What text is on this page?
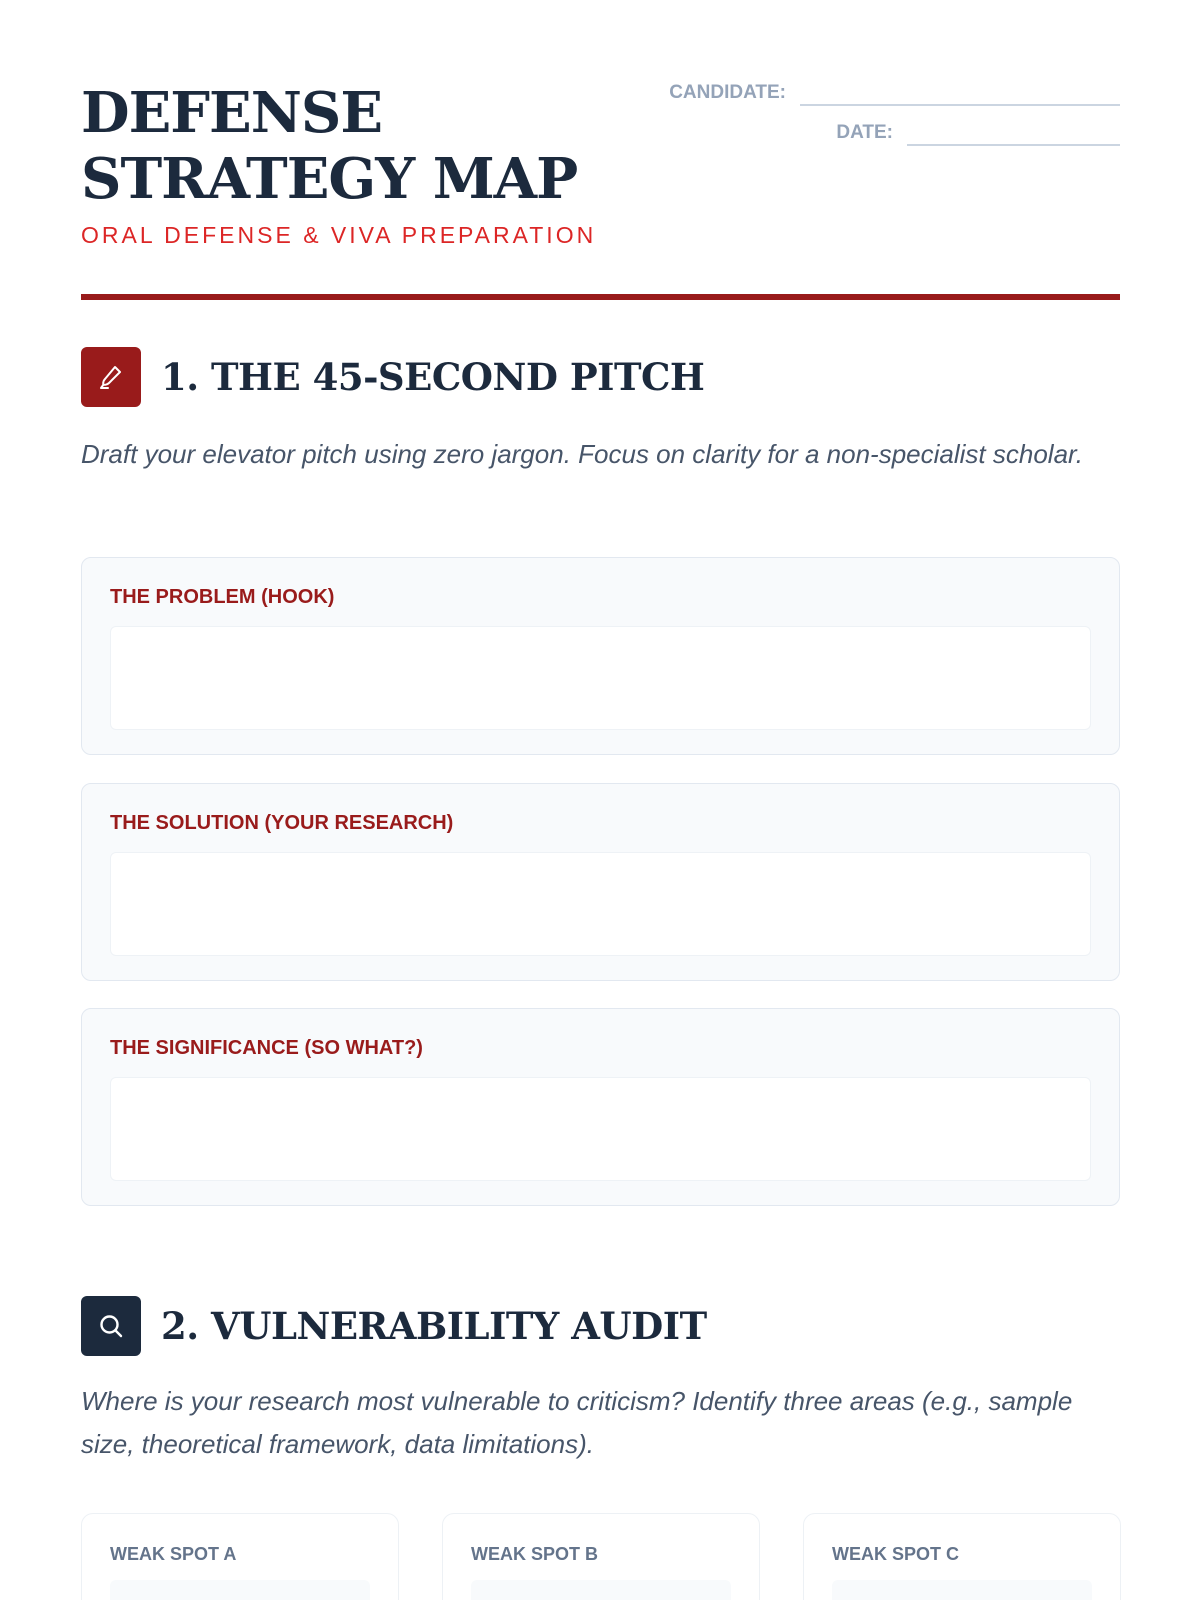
DEFENSE STRATEGY MAP
ORAL DEFENSE & VIVA PREPARATION
CANDIDATE:
DATE:
1. THE 45-SECOND PITCH

Draft your elevator pitch using zero jargon. Focus on clarity for a non-specialist scholar.

THE PROBLEM (HOOK)
THE SOLUTION (YOUR RESEARCH)
THE SIGNIFICANCE (SO WHAT?)
2. VULNERABILITY AUDIT

Where is your research most vulnerable to criticism? Identify three areas (e.g., sample size, theoretical framework, data limitations).

WEAK SPOT A	WEAK SPOT B	WEAK SPOT C
